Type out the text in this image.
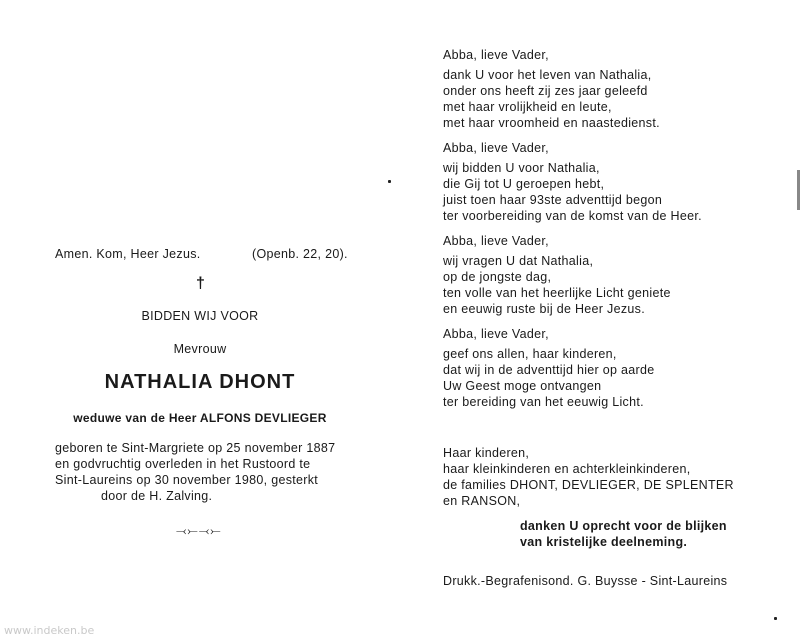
Amen. Kom, Heer Jezus.	(Openb. 22, 20).
†
BIDDEN WIJ VOOR
Mevrouw
NATHALIA DHONT
weduwe van de Heer ALFONS DEVLIEGER
geboren te Sint-Margriete op 25 november 1887
en godvruchtig overleden in het Rustoord te
Sint-Laureins op 30 november 1980, gesterkt
door de H. Zalving.
⤙⤚⤙⤚
Abba, lieve Vader,
dank U voor het leven van Nathalia,
onder ons heeft zij zes jaar geleefd
met haar vrolijkheid en leute,
met haar vroomheid en naastedienst.
Abba, lieve Vader,
wij bidden U voor Nathalia,
die Gij tot U geroepen hebt,
juist toen haar 93ste adventtijd begon
ter voorbereiding van de komst van de Heer.
Abba, lieve Vader,
wij vragen U dat Nathalia,
op de jongste dag,
ten volle van het heerlijke Licht geniete
en eeuwig ruste bij de Heer Jezus.
Abba, lieve Vader,
geef ons allen, haar kinderen,
dat wij in de adventtijd hier op aarde
Uw Geest moge ontvangen
ter bereiding van het eeuwig Licht.
Haar kinderen,
haar kleinkinderen en achterkleinkinderen,
de families DHONT, DEVLIEGER, DE SPLENTER
en RANSON,
danken U oprecht voor de blijken
van kristelijke deelneming.
Drukk.-Begrafenisond. G. Buysse - Sint-Laureins
www.indeken.be
